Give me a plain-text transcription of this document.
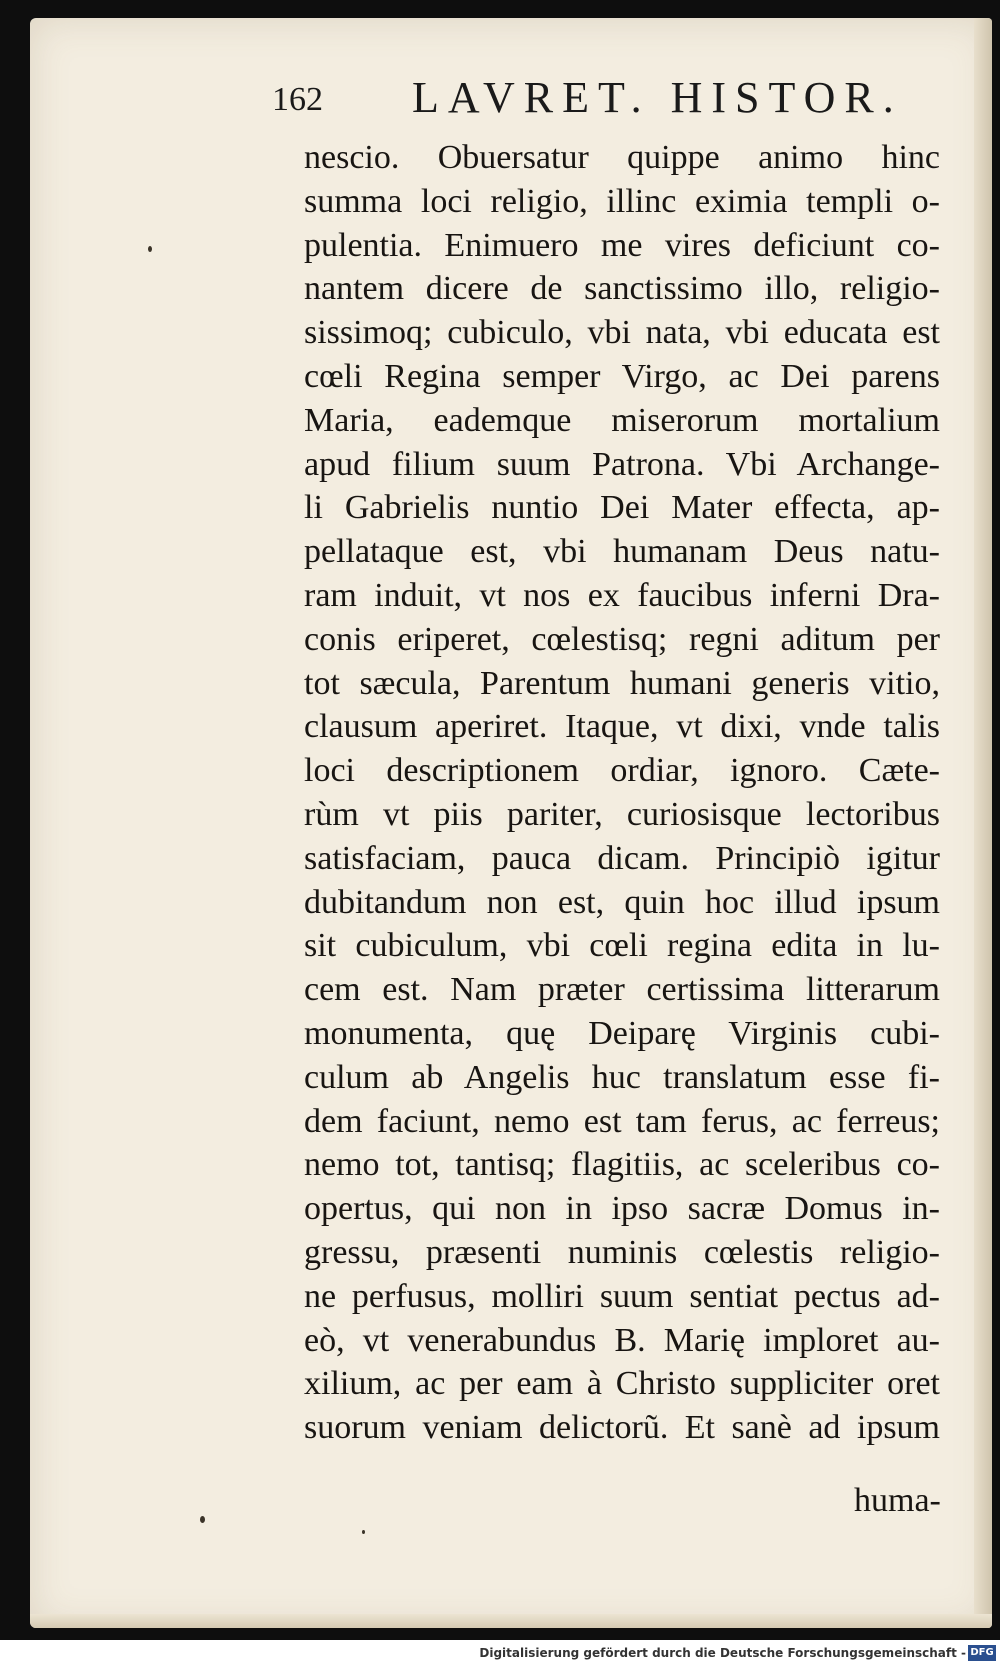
162 LAVRET. HISTOR.
nescio. Obuersatur quippe animo hinc
summa loci religio, illinc eximia templi o-
pulentia. Enimuero me vires deficiunt co-
nantem dicere de sanctissimo illo, religio-
sissimoq; cubiculo, vbi nata, vbi educata est
cœli Regina semper Virgo, ac Dei parens
Maria, eademque miserorum mortalium
apud filium suum Patrona. Vbi Archange-
li Gabrielis nuntio Dei Mater effecta, ap-
pellataque est, vbi humanam Deus natu-
ram induit, vt nos ex faucibus inferni Dra-
conis eriperet, cœlestisq; regni aditum per
tot sæcula, Parentum humani generis vitio,
clausum aperiret. Itaque, vt dixi, vnde talis
loci descriptionem ordiar, ignoro. Cæte-
rùm vt piis pariter, curiosisque lectoribus
satisfaciam, pauca dicam. Principiò igitur
dubitandum non est, quin hoc illud ipsum
sit cubiculum, vbi cœli regina edita in lu-
cem est. Nam præter certissima litterarum
monumenta, quę Deiparę Virginis cubi-
culum ab Angelis huc translatum esse fi-
dem faciunt, nemo est tam ferus, ac ferreus;
nemo tot, tantisq; flagitiis, ac sceleribus co-
opertus, qui non in ipso sacræ Domus in-
gressu, præsenti numinis cœlestis religio-
ne perfusus, molliri suum sentiat pectus ad-
eò, vt venerabundus B. Marię imploret au-
xilium, ac per eam à Christo suppliciter oret
suorum veniam delictorũ. Et sanè ad ipsum
huma-
Digitalisierung gefördert durch die Deutsche Forschungsgemeinschaft - DFG
